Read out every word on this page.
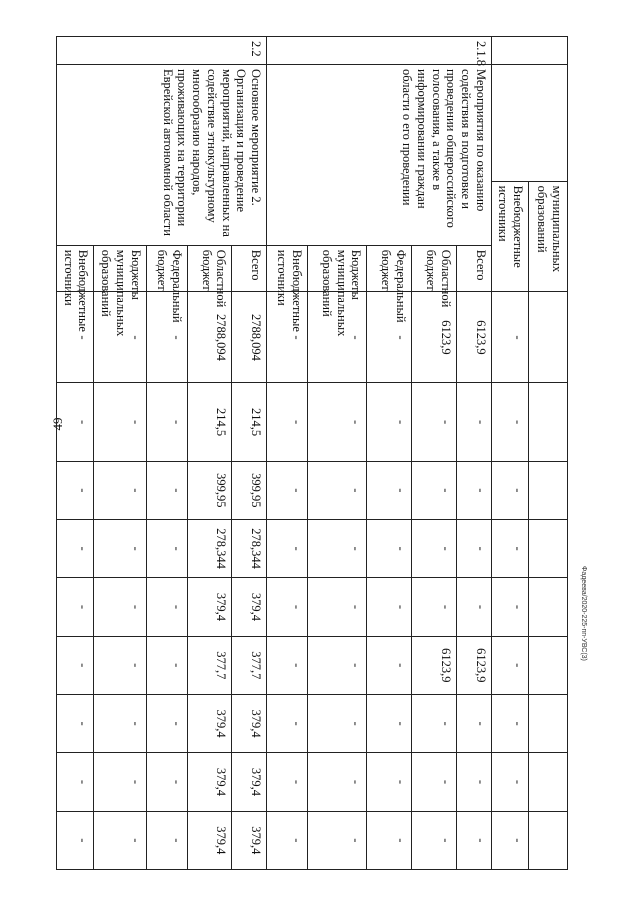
49
		муниципальных образований										
		Внебюджетные источники		-	-	-	-	-	-	-	-	-
2.1.8	Мероприятия по оказанию содействия в подготовке и проведении общероссийского голосования, а также в информировании граждан области о его проведении		Всего	6123,9	-	-	-	-	6123,9	-	-	-
			Областной бюджет	6123,9	-	-	-	-	6123,9	-	-	-
			Федеральный бюджет	-	-	-	-	-	-	-	-	-
			Бюджеты муниципальных образований	-	-	-	-	-	-	-	-	-
			Внебюджетные источники	-	-	-	-	-	-	-	-	-
2.2	Основное мероприятие 2. Организация и проведение мероприятий, направленных на содействие этнокультурному многообразию народов, проживающих на территории Еврейской автономной области		Всего	2788,094	214,5	399,95	278,344	379,4	377,7	379,4	379,4	379,4
			Областной бюджет	2788,094	214,5	399,95	278,344	379,4	377,7	379,4	379,4	379,4
			Федеральный бюджет	-	-	-	-	-	-	-	-	-
			Бюджеты муниципальных образований	-	-	-	-	-	-	-	-	-
			Внебюджетные источники	-	-	-	-	-	-	-	-	-
Фадеева/2020-225-пп-УВС(3)
